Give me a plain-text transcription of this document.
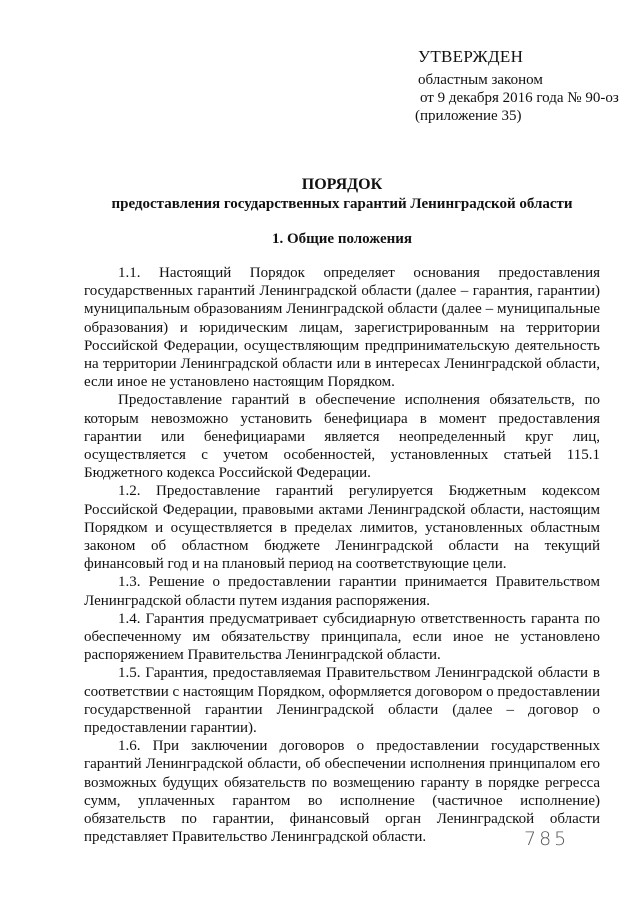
УТВЕРЖДЕН
областным законом
от 9 декабря 2016 года № 90-оз
(приложение 35)
ПОРЯДОК
предоставления государственных гарантий Ленинградской области
1. Общие положения

1.1. Настоящий Порядок определяет основания предоставления государственных гарантий Ленинградской области (далее – гарантия, гарантии) муниципальным образованиям Ленинградской области (далее – муниципальные образования) и юридическим лицам, зарегистрированным на территории Российской Федерации, осуществляющим предпринимательскую деятельность на территории Ленинградской области или в интересах Ленинградской области, если иное не установлено настоящим Порядком.

Предоставление гарантий в обеспечение исполнения обязательств, по которым невозможно установить бенефициара в момент предоставления гарантии или бенефициарами является неопределенный круг лиц, осуществляется с учетом особенностей, установленных статьей 115.1 Бюджетного кодекса Российской Федерации.

1.2. Предоставление гарантий регулируется Бюджетным кодексом Российской Федерации, правовыми актами Ленинградской области, настоящим Порядком и осуществляется в пределах лимитов, установленных областным законом об областном бюджете Ленинградской области на текущий финансовый год и на плановый период на соответствующие цели.

1.3. Решение о предоставлении гарантии принимается Правительством Ленинградской области путем издания распоряжения.

1.4. Гарантия предусматривает субсидиарную ответственность гаранта по обеспеченному им обязательству принципала, если иное не установлено распоряжением Правительства Ленинградской области.

1.5. Гарантия, предоставляемая Правительством Ленинградской области в соответствии с настоящим Порядком, оформляется договором о предоставлении государственной гарантии Ленинградской области (далее – договор о предоставлении гарантии).

1.6. При заключении договоров о предоставлении государственных гарантий Ленинградской области, об обеспечении исполнения принципалом его возможных будущих обязательств по возмещению гаранту в порядке регресса сумм, уплаченных гарантом во исполнение (частичное исполнение) обязательств по гарантии, финансовый орган Ленинградской области представляет Правительство Ленинградской области.	785
